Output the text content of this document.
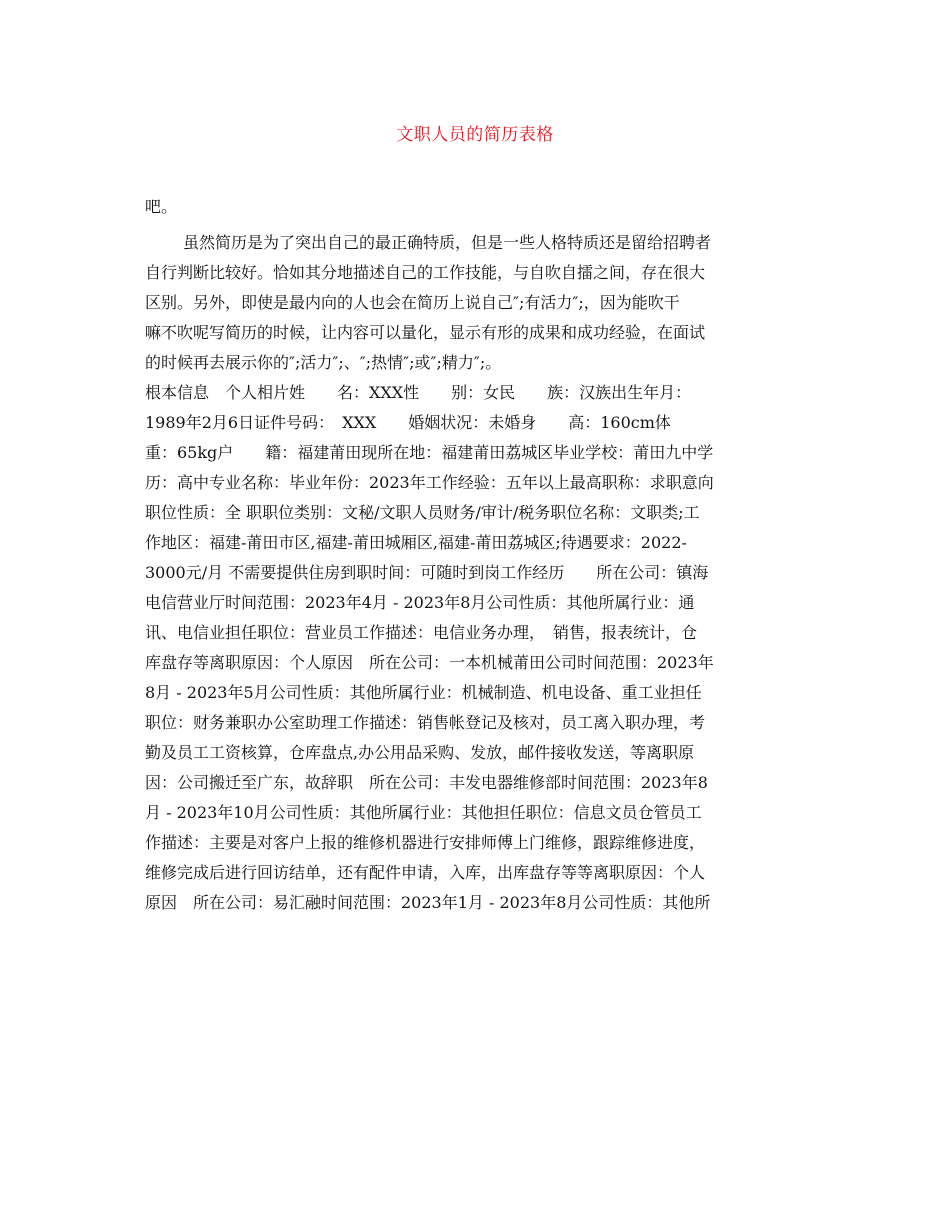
文职人员的简历表格
吧。
虽然简历是为了突出自己的最正确特质，但是一些人格特质还是留给招聘者
自行判断比较好。恰如其分地描述自己的工作技能，与自吹自擂之间，存在很大
区别。另外，即使是最内向的人也会在简历上说自己″;有活力″;，因为能吹干
嘛不吹呢写简历的时候，让内容可以量化，显示有形的成果和成功经验，在面试
的时候再去展示你的″;活力″;、″;热情″;或″;精力″;。
根本信息　个人相片姓　　名：XXX性　　别：女民　　族：汉族出生年月：
1989年2月6日证件号码：　XXX　　婚姻状况：未婚身　　高：160cm体
重：65kg户　　籍：福建莆田现所在地：福建莆田荔城区毕业学校：莆田九中学
历：高中专业名称：毕业年份：2023年工作经验：五年以上最高职称：求职意向
职位性质：全 职职位类别：文秘/文职人员财务/审计/税务职位名称：文职类;工
作地区：福建-莆田市区,福建-莆田城厢区,福建-莆田荔城区;待遇要求：2022-
3000元/月 不需要提供住房到职时间：可随时到岗工作经历　　所在公司：镇海
电信营业厅时间范围：2023年4月 - 2023年8月公司性质：其他所属行业：通
讯、电信业担任职位：营业员工作描述：电信业务办理，　销售，报表统计，仓
库盘存等离职原因：个人原因　所在公司：一本机械莆田公司时间范围：2023年
8月 - 2023年5月公司性质：其他所属行业：机械制造、机电设备、重工业担任
职位：财务兼职办公室助理工作描述：销售帐登记及核对，员工离入职办理，考
勤及员工工资核算，仓库盘点,办公用品采购、发放，邮件接收发送，等离职原
因：公司搬迁至广东，故辞职　所在公司：丰发电器维修部时间范围：2023年8
月 - 2023年10月公司性质：其他所属行业：其他担任职位：信息文员仓管员工
作描述：主要是对客户上报的维修机器进行安排师傅上门维修，跟踪维修进度，
维修完成后进行回访结单，还有配件申请，入库，出库盘存等等离职原因：个人
原因　所在公司：易汇融时间范围：2023年1月 - 2023年8月公司性质：其他所
